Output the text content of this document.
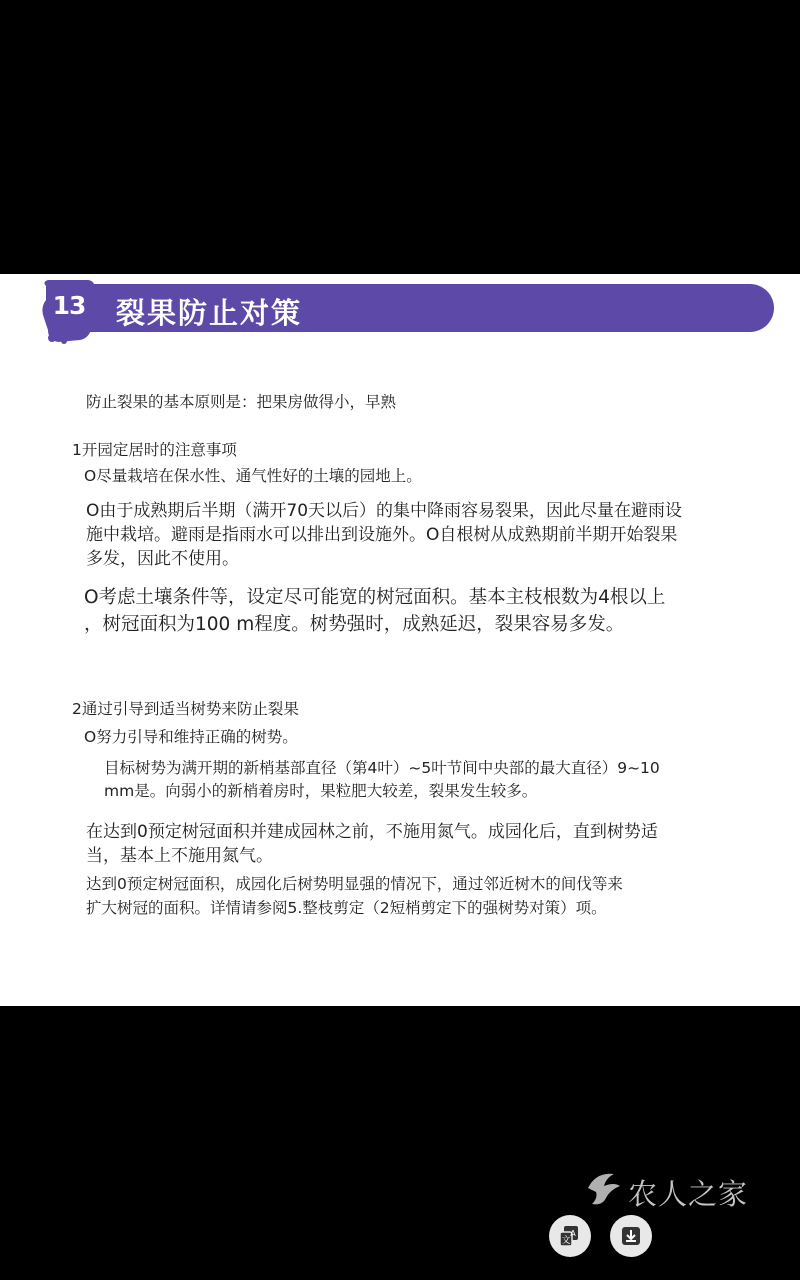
裂果防止对策
13
防止裂果的基本原则是：把果房做得小，早熟
1开园定居时的注意事项
O尽量栽培在保水性、通气性好的土壤的园地上。
O由于成熟期后半期（满开70天以后）的集中降雨容易裂果，因此尽量在避雨设
施中栽培。避雨是指雨水可以排出到设施外。O自根树从成熟期前半期开始裂果
多发，因此不使用。
O考虑土壤条件等，设定尽可能宽的树冠面积。基本主枝根数为4根以上
，树冠面积为100 m程度。树势强时，成熟延迟，裂果容易多发。
2通过引导到适当树势来防止裂果
O努力引导和维持正确的树势。
目标树势为满开期的新梢基部直径（第4叶）~5叶节间中央部的最大直径）9~10
mm是。向弱小的新梢着房时，果粒肥大较差，裂果发生较多。
在达到0预定树冠面积并建成园林之前，不施用氮气。成园化后，直到树势适
当，基本上不施用氮气。
达到0预定树冠面积，成园化后树势明显强的情况下，通过邻近树木的间伐等来
扩大树冠的面积。详情请参阅5.整枝剪定（2短梢剪定下的强树势对策）项。
农人之家
文
A
